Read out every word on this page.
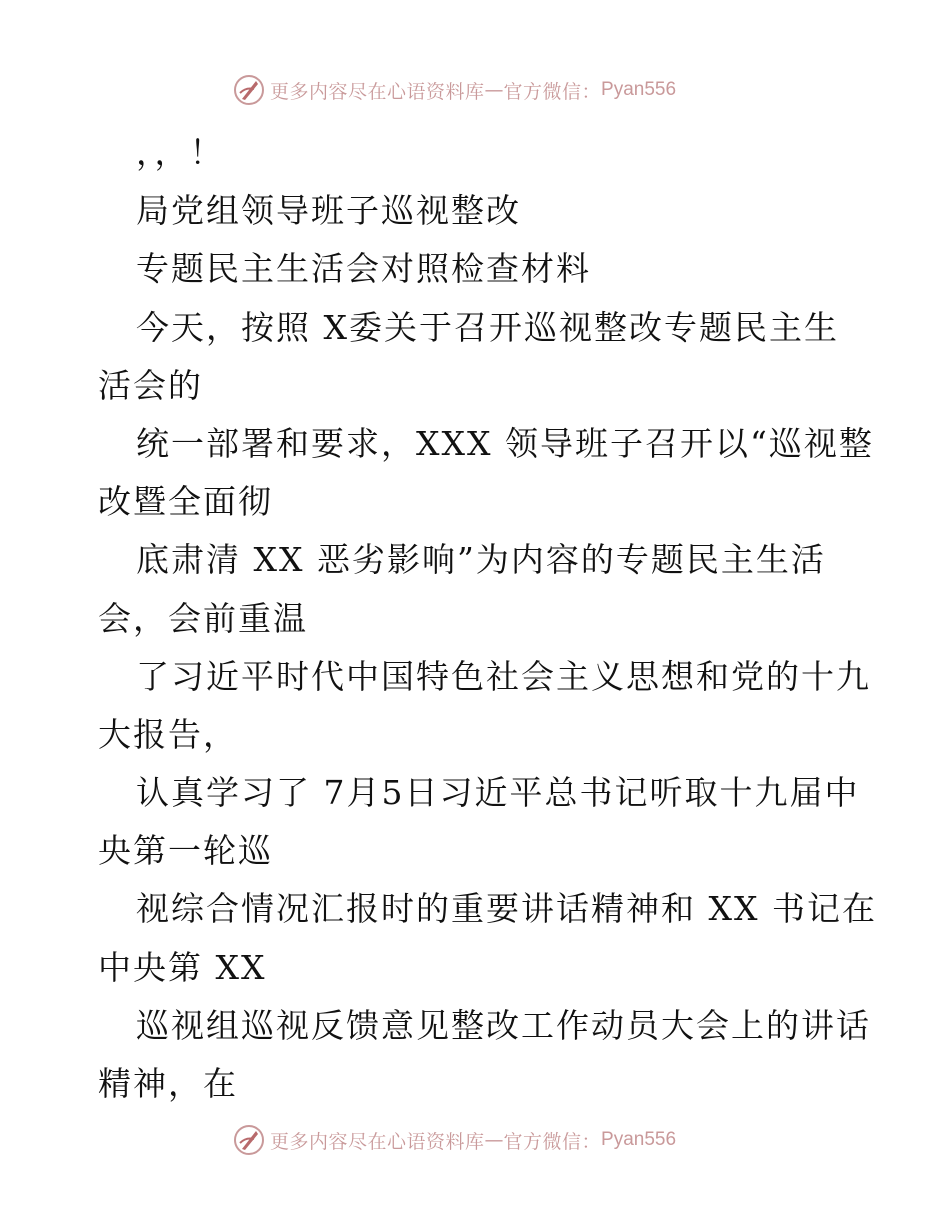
更多内容尽在心语资料库 — 官方微信： Pyan556
，，！
局党组领导班子巡视整改
专题民主生活会对照检查材料
今天，按照 X委关于召开巡视整改专题民主生
活会的
统一部署和要求，XXX 领导班子召开以“巡视整
改暨全面彻
底肃清 XX 恶劣影响”为内容的专题民主生活
会，会前重温
了习近平时代中国特色社会主义思想和党的十九
大报告，
认真学习了 7月5日习近平总书记听取十九届中
央第一轮巡
视综合情况汇报时的重要讲话精神和 XX 书记在
中央第 XX
巡视组巡视反馈意见整改工作动员大会上的讲话
精神，在
更多内容尽在心语资料库 — 官方微信： Pyan556
